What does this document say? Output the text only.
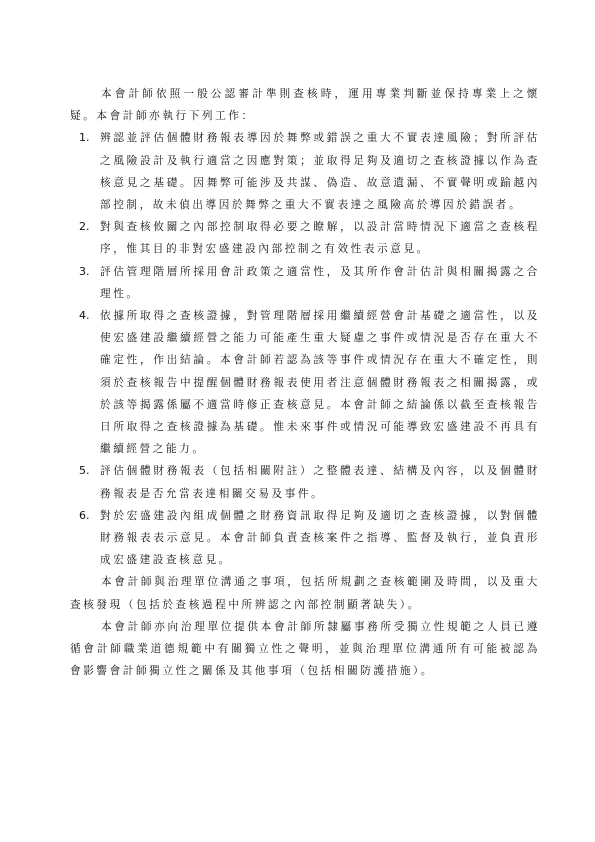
本會計師依照一般公認審計準則查核時，運用專業判斷並保持專業上之懷疑。本會計師亦執行下列工作：

1. 辨認並評估個體財務報表導因於舞弊或錯誤之重大不實表達風險；對所評估之風險設計及執行適當之因應對策；並取得足夠及適切之查核證據以作為查核意見之基礎。因舞弊可能涉及共謀、偽造、故意遺漏、不實聲明或踰越內部控制，故未偵出導因於舞弊之重大不實表達之風險高於導因於錯誤者。
2. 對與查核攸關之內部控制取得必要之瞭解，以設計當時情況下適當之查核程序，惟其目的非對宏盛建設內部控制之有效性表示意見。
3. 評估管理階層所採用會計政策之適當性，及其所作會計估計與相關揭露之合理性。
4. 依據所取得之查核證據，對管理階層採用繼續經營會計基礎之適當性，以及使宏盛建設繼續經營之能力可能產生重大疑慮之事件或情況是否存在重大不確定性，作出結論。本會計師若認為該等事件或情況存在重大不確定性，則須於查核報告中提醒個體財務報表使用者注意個體財務報表之相關揭露，或於該等揭露係屬不適當時修正查核意見。本會計師之結論係以截至查核報告日所取得之查核證據為基礎。惟未來事件或情況可能導致宏盛建設不再具有繼續經營之能力。
5. 評估個體財務報表（包括相關附註）之整體表達、結構及內容，以及個體財務報表是否允當表達相關交易及事件。
6. 對於宏盛建設內組成個體之財務資訊取得足夠及適切之查核證據，以對個體財務報表表示意見。本會計師負責查核案件之指導、監督及執行，並負責形成宏盛建設查核意見。

本會計師與治理單位溝通之事項，包括所規劃之查核範圍及時間，以及重大查核發現（包括於查核過程中所辨認之內部控制顯著缺失）。

本會計師亦向治理單位提供本會計師所隸屬事務所受獨立性規範之人員已遵循會計師職業道德規範中有關獨立性之聲明，並與治理單位溝通所有可能被認為會影響會計師獨立性之關係及其他事項（包括相關防護措施）。
